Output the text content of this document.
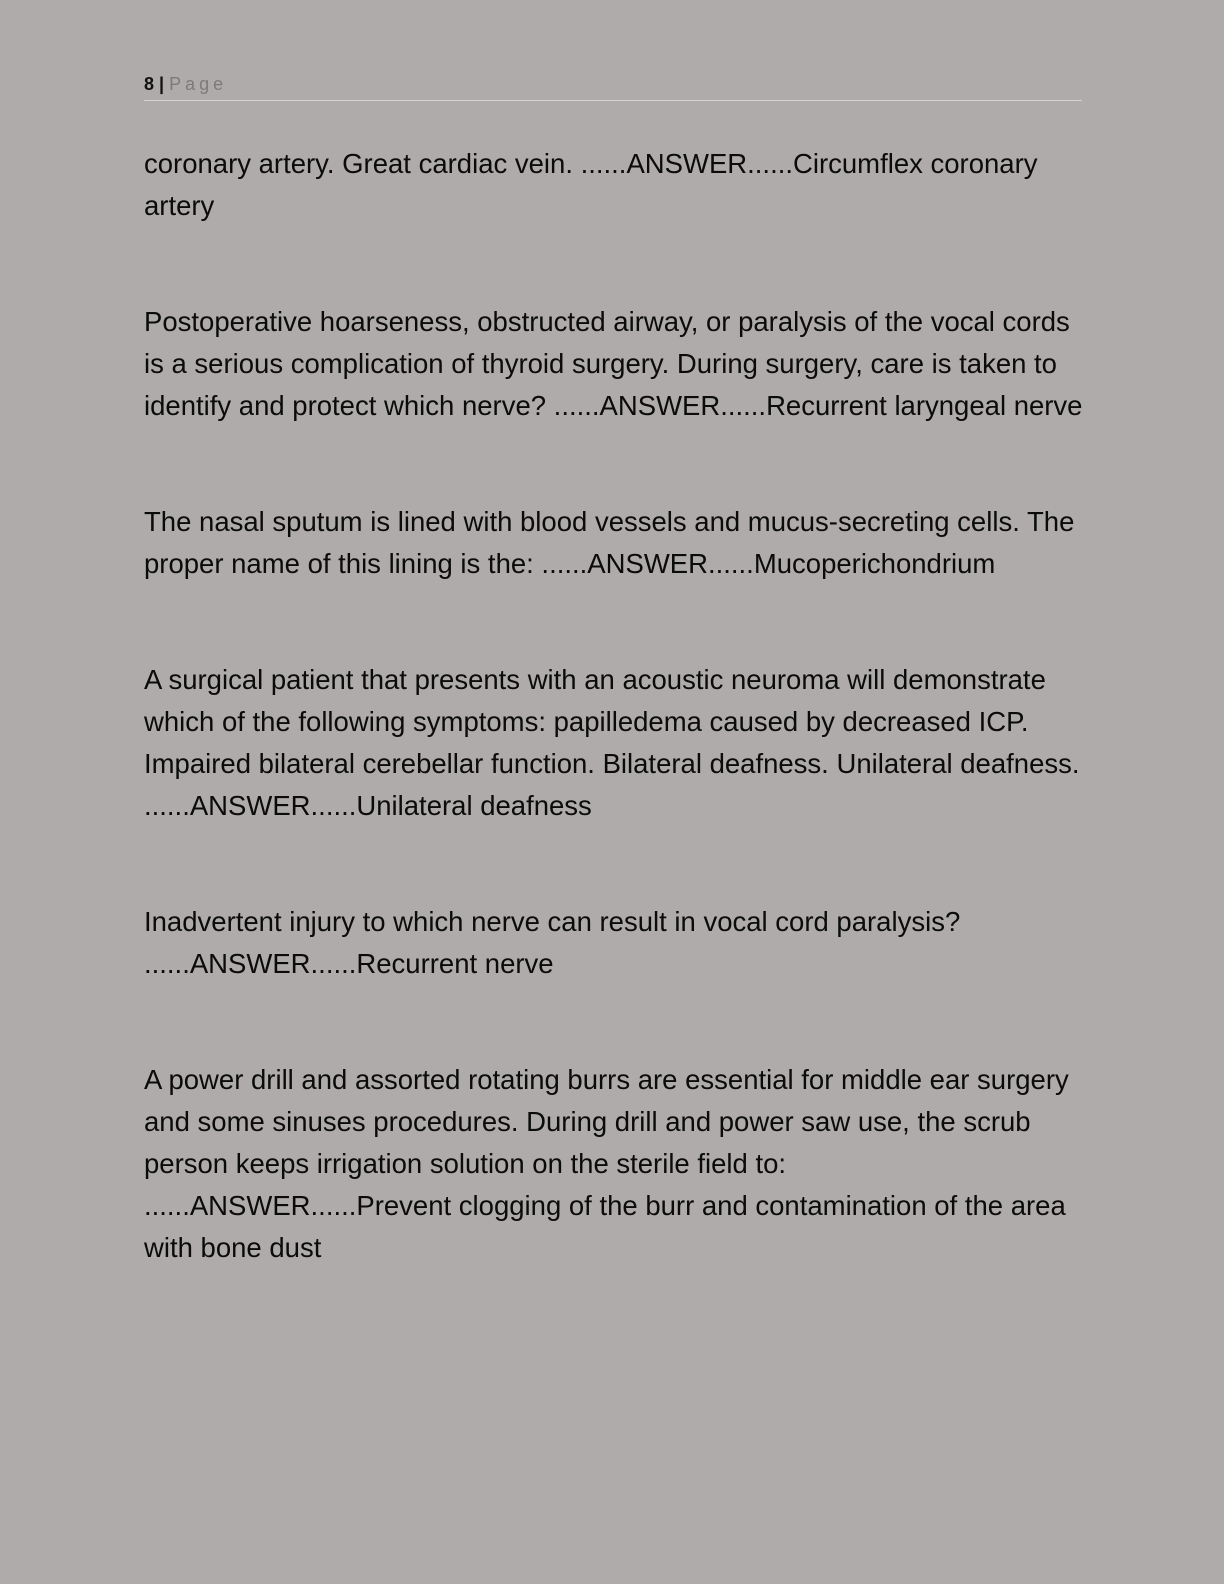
8 | Page

coronary artery. Great cardiac vein. ......ANSWER......Circumflex coronary artery

Postoperative hoarseness, obstructed airway, or paralysis of the vocal cords is a serious complication of thyroid surgery. During surgery, care is taken to identify and protect which nerve? ......ANSWER......Recurrent laryngeal nerve

The nasal sputum is lined with blood vessels and mucus-secreting cells. The proper name of this lining is the: ......ANSWER......Mucoperichondrium

A surgical patient that presents with an acoustic neuroma will demonstrate which of the following symptoms: papilledema caused by decreased ICP. Impaired bilateral cerebellar function. Bilateral deafness. Unilateral deafness. ......ANSWER......Unilateral deafness

Inadvertent injury to which nerve can result in vocal cord paralysis? ......ANSWER......Recurrent nerve

A power drill and assorted rotating burrs are essential for middle ear surgery and some sinuses procedures. During drill and power saw use, the scrub person keeps irrigation solution on the sterile field to: ......ANSWER......Prevent clogging of the burr and contamination of the area with bone dust
